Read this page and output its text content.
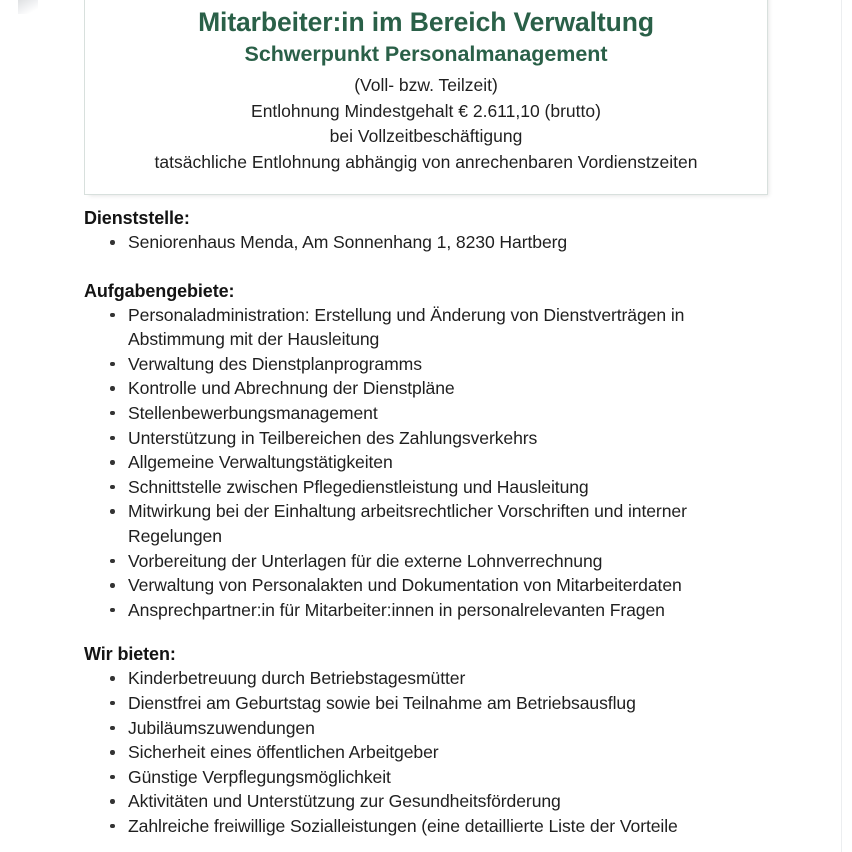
Mitarbeiter:in im Bereich Verwaltung
Schwerpunkt Personalmanagement
(Voll- bzw. Teilzeit)
Entlohnung Mindestgehalt € 2.611,10 (brutto)
bei Vollzeitbeschäftigung
tatsächliche Entlohnung abhängig von anrechenbaren Vordienstzeiten
Dienststelle:
Seniorenhaus Menda, Am Sonnenhang 1, 8230 Hartberg
Aufgabengebiete:
Personaladministration: Erstellung und Änderung von Dienstverträgen in Abstimmung mit der Hausleitung
Verwaltung des Dienstplanprogramms
Kontrolle und Abrechnung der Dienstpläne
Stellenbewerbungsmanagement
Unterstützung in Teilbereichen des Zahlungsverkehrs
Allgemeine Verwaltungstätigkeiten
Schnittstelle zwischen Pflegedienstleistung und Hausleitung
Mitwirkung bei der Einhaltung arbeitsrechtlicher Vorschriften und interner Regelungen
Vorbereitung der Unterlagen für die externe Lohnverrechnung
Verwaltung von Personalakten und Dokumentation von Mitarbeiterdaten
Ansprechpartner:in für Mitarbeiter:innen in personalrelevanten Fragen
Wir bieten:
Kinderbetreuung durch Betriebstagesmütter
Dienstfrei am Geburtstag sowie bei Teilnahme am Betriebsausflug
Jubiläumszuwendungen
Sicherheit eines öffentlichen Arbeitgeber
Günstige Verpflegungsmöglichkeit
Aktivitäten und Unterstützung zur Gesundheitsförderung
Zahlreiche freiwillige Sozialleistungen (eine detaillierte Liste der Vorteile
